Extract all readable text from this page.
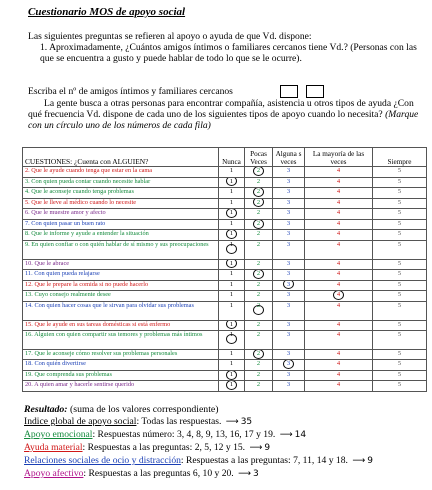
Cuestionario MOS de apoyo social
Las siguientes preguntas se refieren al apoyo o ayuda de que Vd. dispone:
1. Aproximadamente, ¿Cuántos amigos íntimos o familiares cercanos tiene Vd.? (Personas con las que se encuentra a gusto y puede hablar de todo lo que se le ocurre).
Escriba el nº de amigos íntimos y familiares cercanos
La gente busca a otras personas para encontrar compañía, asistencia u otros tipos de ayuda ¿Con qué frecuencia Vd. dispone de cada uno de los siguientes tipos de apoyo cuando lo necesita? (Marque con un círculo uno de los números de cada fila)
CUESTIONES: ¿Cuenta con ALGUIEN?	Nunca	Pocas Veces	Alguna s veces	La mayoría de las veces	Siempre
2. Que le ayude cuando tenga que estar en la cama	1	2	3	4	5
3. Con quien pueda contar cuando necesite hablar	1	2	3	4	5
4. Que le aconseje cuando tenga problemas	1	2	3	4	5
5. Que le lleve al médico cuando lo necesite	1	2	3	4	5
6. Que le muestre amor y afecto	1	2	3	4	5
7. Con quien pasar un buen rato	1	2	3	4	5
8. Que le informe y ayude a entender la situación	1	2	3	4	5
9. En quien confiar o con quién hablar de sí mismo y sus preocupaciones	1	2	3	4	5
10. Que le abrace	1	2	3	4	5
11. Con quien pueda relajarse	1	2	3	4	5
12. Que le prepare la comida si no puede hacerlo	1	2	3	4	5
13. Cuyo consejo realmente desee	1	2	3	4	5
14. Con quien hacer cosas que le sirvan para olvidar sus problemas	1	2	3	4	5
15. Que le ayude en sus tareas domésticas si está enfermo	1	2	3	4	5
16. Alguien con quien compartir sus temores y problemas más íntimos	1	2	3	4	5
17. Que le aconseje cómo resolver sus problemas personales	1	2	3	4	5
18. Con quién divertirse	1	2	3	4	5
19. Que comprenda sus problemas	1	2	3	4	5
20. A quien amar y hacerle sentirse querido	1	2	3	4	5
Resultado: (suma de los valores correspondiente)
Indice global de apoyo social: Todas las respuestas. ⟶ 35
Apoyo emocional: Respuestas número: 3, 4, 8, 9, 13, 16, 17 y 19. ⟶ 14
Ayuda material: Respuestas a las preguntas: 2, 5, 12 y 15. ⟶ 9
Relaciones sociales de ocio y distracción: Respuestas a las preguntas: 7, 11, 14 y 18. ⟶ 9
Apoyo afectivo: Respuestas a las preguntas 6, 10 y 20. ⟶ 3
